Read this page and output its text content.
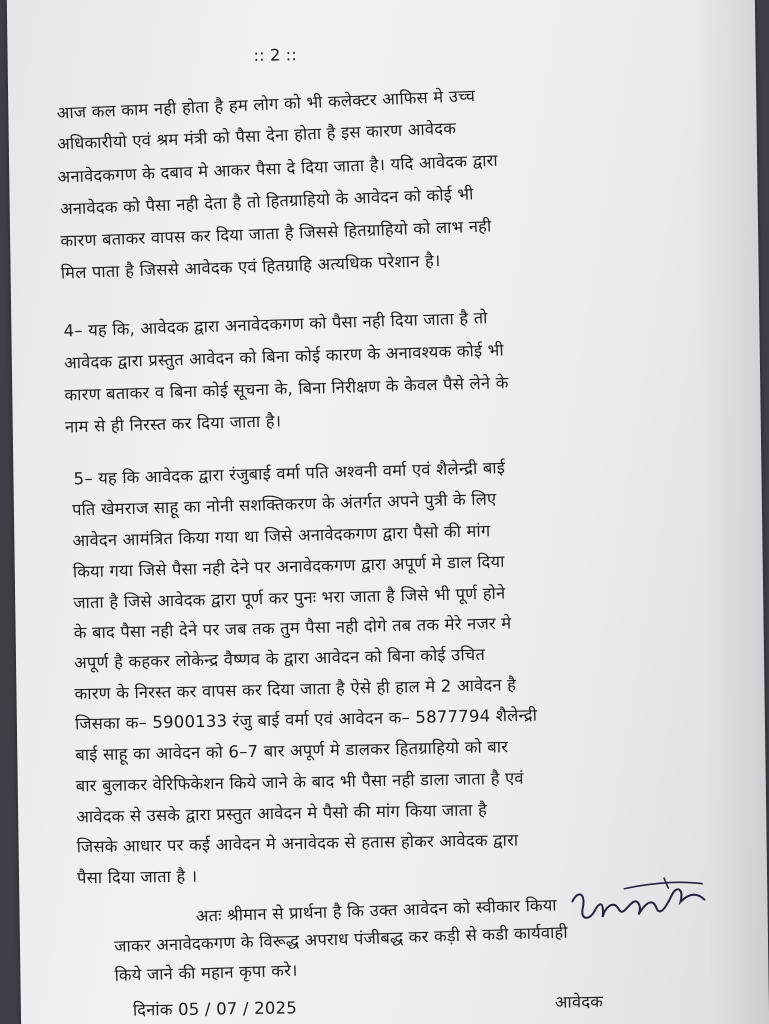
:: 2 ::
आज कल काम नही होता है हम लोग को भी कलेक्टर आफिस मे उच्च
अधिकारीयो एवं श्रम मंत्री को पैसा देना होता है इस कारण आवेदक
अनावेदकगण के दबाव मे आकर पैसा दे दिया जाता है। यदि आवेदक द्वारा
अनावेदक को पैसा नही देता है तो हितग्राहियो के आवेदन को कोई भी
कारण बताकर वापस कर दिया जाता है जिससे हितग्राहियो को लाभ नही
मिल पाता है जिससे आवेदक एवं हितग्राहि अत्यधिक परेशान है।
4– यह कि, आवेदक द्वारा अनावेदकगण को पैसा नही दिया जाता है तो
आवेदक द्वारा प्रस्तुत आवेदन को बिना कोई कारण के अनावश्यक कोई भी
कारण बताकर व बिना कोई सूचना के, बिना निरीक्षण के केवल पैसे लेने के
नाम से ही निरस्त कर दिया जाता है।
5– यह कि आवेदक द्वारा रंजुबाई वर्मा पति अश्वनी वर्मा एवं शैलेन्द्री बाई
पति खेमराज साहू का नोनी सशक्तिकरण के अंतर्गत अपने पुत्री के लिए
आवेदन आमंत्रित किया गया था जिसे अनावेदकगण द्वारा पैसो की मांग
किया गया जिसे पैसा नही देने पर अनावेदकगण द्वारा अपूर्ण मे डाल दिया
जाता है जिसे आवेदक द्वारा पूर्ण कर पुनः भरा जाता है जिसे भी पूर्ण होने
के बाद पैसा नही देने पर जब तक तुम पैसा नही दोगे तब तक मेरे नजर मे
अपूर्ण है कहकर लोकेन्द्र वैष्णव के द्वारा आवेदन को बिना कोई उचित
कारण के निरस्त कर वापस कर दिया जाता है ऐसे ही हाल मे 2 आवेदन है
जिसका क– 5900133 रंजु बाई वर्मा एवं आवेदन क– 5877794 शैलेन्द्री
बाई साहू का आवेदन को 6–7 बार अपूर्ण मे डालकर हितग्राहियो को बार
बार बुलाकर वेरिफिकेशन किये जाने के बाद भी पैसा नही डाला जाता है एवं
आवेदक से उसके द्वारा प्रस्तुत आवेदन मे पैसो की मांग किया जाता है
जिसके आधार पर कई आवेदन मे अनावेदक से हतास होकर आवेदक द्वारा
पैसा दिया जाता है ।
अतः श्रीमान से प्रार्थना है कि उक्त आवेदन को स्वीकार किया
जाकर अनावेदकगण के विरूद्ध अपराध पंजीबद्ध कर कड़ी से कडी कार्यवाही
किये जाने की महान कृपा करे।
दिनांक 05 / 07 / 2025	आवेदक
